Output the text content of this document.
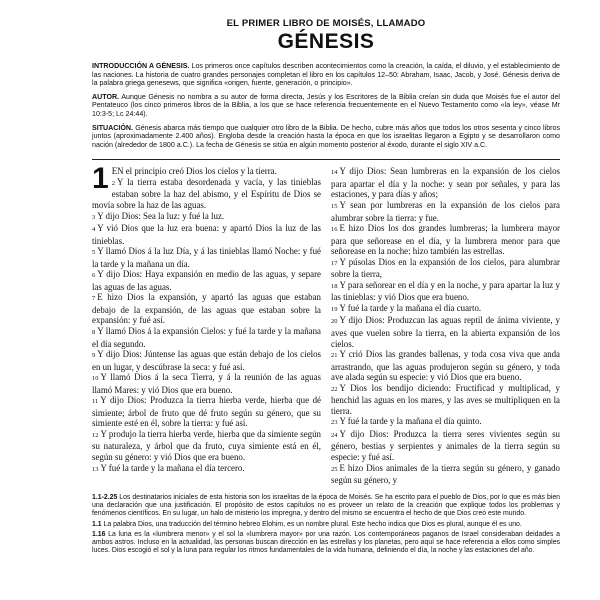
EL PRIMER LIBRO DE MOISÉS, LLAMADO
GÉNESIS

INTRODUCCIÓN A GÉNESIS. Los primeros once capítulos describen acontecimientos como la creación, la caída, el diluvio, y el establecimiento de las naciones. La historia de cuatro grandes personajes completan el libro en los capítulos 12–50: Abraham, Isaac, Jacob, y José. Génesis deriva de la palabra griega genesews, que significa «origen, fuente, generación, o principio».

AUTOR. Aunque Génesis no nombra a su autor de forma directa, Jesús y los Escritores de la Biblia creían sin duda que Moisés fue el autor del Pentateuco (los cinco primeros libros de la Biblia, a los que se hace referencia frecuentemente en el Nuevo Testamento como «la ley», véase Mr 10:3-5; Lc 24:44).

SITUACIÓN. Génesis abarca más tiempo que cualquier otro libro de la Biblia. De hecho, cubre más años que todos los otros sesenta y cinco libros juntos (aproximadamente 2.400 años). Engloba desde la creación hasta la época en que los israelitas llegaron a Egipto y se desarrollaron como nación (alrededor de 1800 a.C.). La fecha de Génesis se sitúa en algún momento posterior al éxodo, durante el siglo XIV a.C.

1 EN el principio creó Dios los cielos y la tierra.

2 Y la tierra estaba desordenada y vacía, y las tinieblas estaban sobre la haz del abismo, y el Espíritu de Dios se movía sobre la haz de las aguas.

3 Y dijo Dios: Sea la luz: y fué la luz.

4 Y vió Dios que la luz era buena: y apartó Dios la luz de las tinieblas.

5 Y llamó Dios á la luz Día, y á las tinieblas llamó Noche: y fué la tarde y la mañana un día.

6 Y dijo Dios: Haya expansión en medio de las aguas, y separe las aguas de las aguas.

7 E hizo Dios la expansión, y apartó las aguas que estaban debajo de la expansión, de las aguas que estaban sobre la expansión: y fué así.

8 Y llamó Dios á la expansión Cielos: y fué la tarde y la mañana el día segundo.

9 Y dijo Dios: Júntense las aguas que están debajo de los cielos en un lugar, y descúbrase la seca: y fué así.

10 Y llamó Dios á la seca Tierra, y á la reunión de las aguas llamó Mares: y vió Dios que era bueno.

11 Y dijo Dios: Produzca la tierra hierba verde, hierba que dé simiente; árbol de fruto que dé fruto según su género, que su simiente esté en él, sobre la tierra: y fué así.

12 Y produjo la tierra hierba verde, hierba que da simiente según su naturaleza, y árbol que da fruto, cuya simiente está en él, según su género: y vió Dios que era bueno.

13 Y fué la tarde y la mañana el día tercero.

14 Y dijo Dios: Sean lumbreras en la expansión de los cielos para apartar el día y la noche: y sean por señales, y para las estaciones, y para días y años;

15 Y sean por lumbreras en la expansión de los cielos para alumbrar sobre la tierra: y fue.

16 E hizo Dios los dos grandes lumbreras; la lumbrera mayor para que señorease en el día, y la lumbrera menor para que señorease en la noche: hizo también las estrellas.

17 Y púsolas Dios en la expansión de los cielos, para alumbrar sobre la tierra,

18 Y para señorear en el día y en la noche, y para apartar la luz y las tinieblas: y vió Dios que era bueno.

19 Y fué la tarde y la mañana el día cuarto.

20 Y dijo Dios: Produzcan las aguas reptil de ánima viviente, y aves que vuelen sobre la tierra, en la abierta expansión de los cielos.

21 Y crió Dios las grandes ballenas, y toda cosa viva que anda arrastrando, que las aguas produjeron según su género, y toda ave alada según su especie: y vió Dios que era bueno.

22 Y Dios los bendijo diciendo: Fructificad y multiplicad, y henchid las aguas en los mares, y las aves se multipliquen en la tierra.

23 Y fué la tarde y la mañana el día quinto.

24 Y dijo Dios: Produzca la tierra seres vivientes según su género, bestias y serpientes y animales de la tierra según su especie: y fué así.

25 E hizo Dios animales de la tierra según su género, y ganado según su género, y

1.1-2.25 Los destinatarios iniciales de esta historia son los israelitas de la época de Moisés. Se ha escrito para el pueblo de Dios, por lo que es más bien una declaración que una justificación. El propósito de estos capítulos no es proveer un relato de la creación que explique todos los problemas y fenómenos científicos. En su lugar, un halo de misterio los impregna, y dentro del mismo se encuentra el hecho de que Dios creó este mundo.

1.1 La palabra Dios, una traducción del término hebreo Elohim, es un nombre plural. Este hecho indica que Dios es plural, aunque él es uno.

1.16 La luna es la «lumbrera menor» y el sol la «lumbrera mayor» por una razón. Los contemporáneos paganos de Israel consideraban deidades a ambos astros. Incluso en la actualidad, las personas buscan dirección en las estrellas y los planetas, pero aquí se hace referencia a ellos como simples luces. Dios escogió el sol y la luna para regular los ritmos fundamentales de la vida humana, definiendo el día, la noche y las estaciones del año.
